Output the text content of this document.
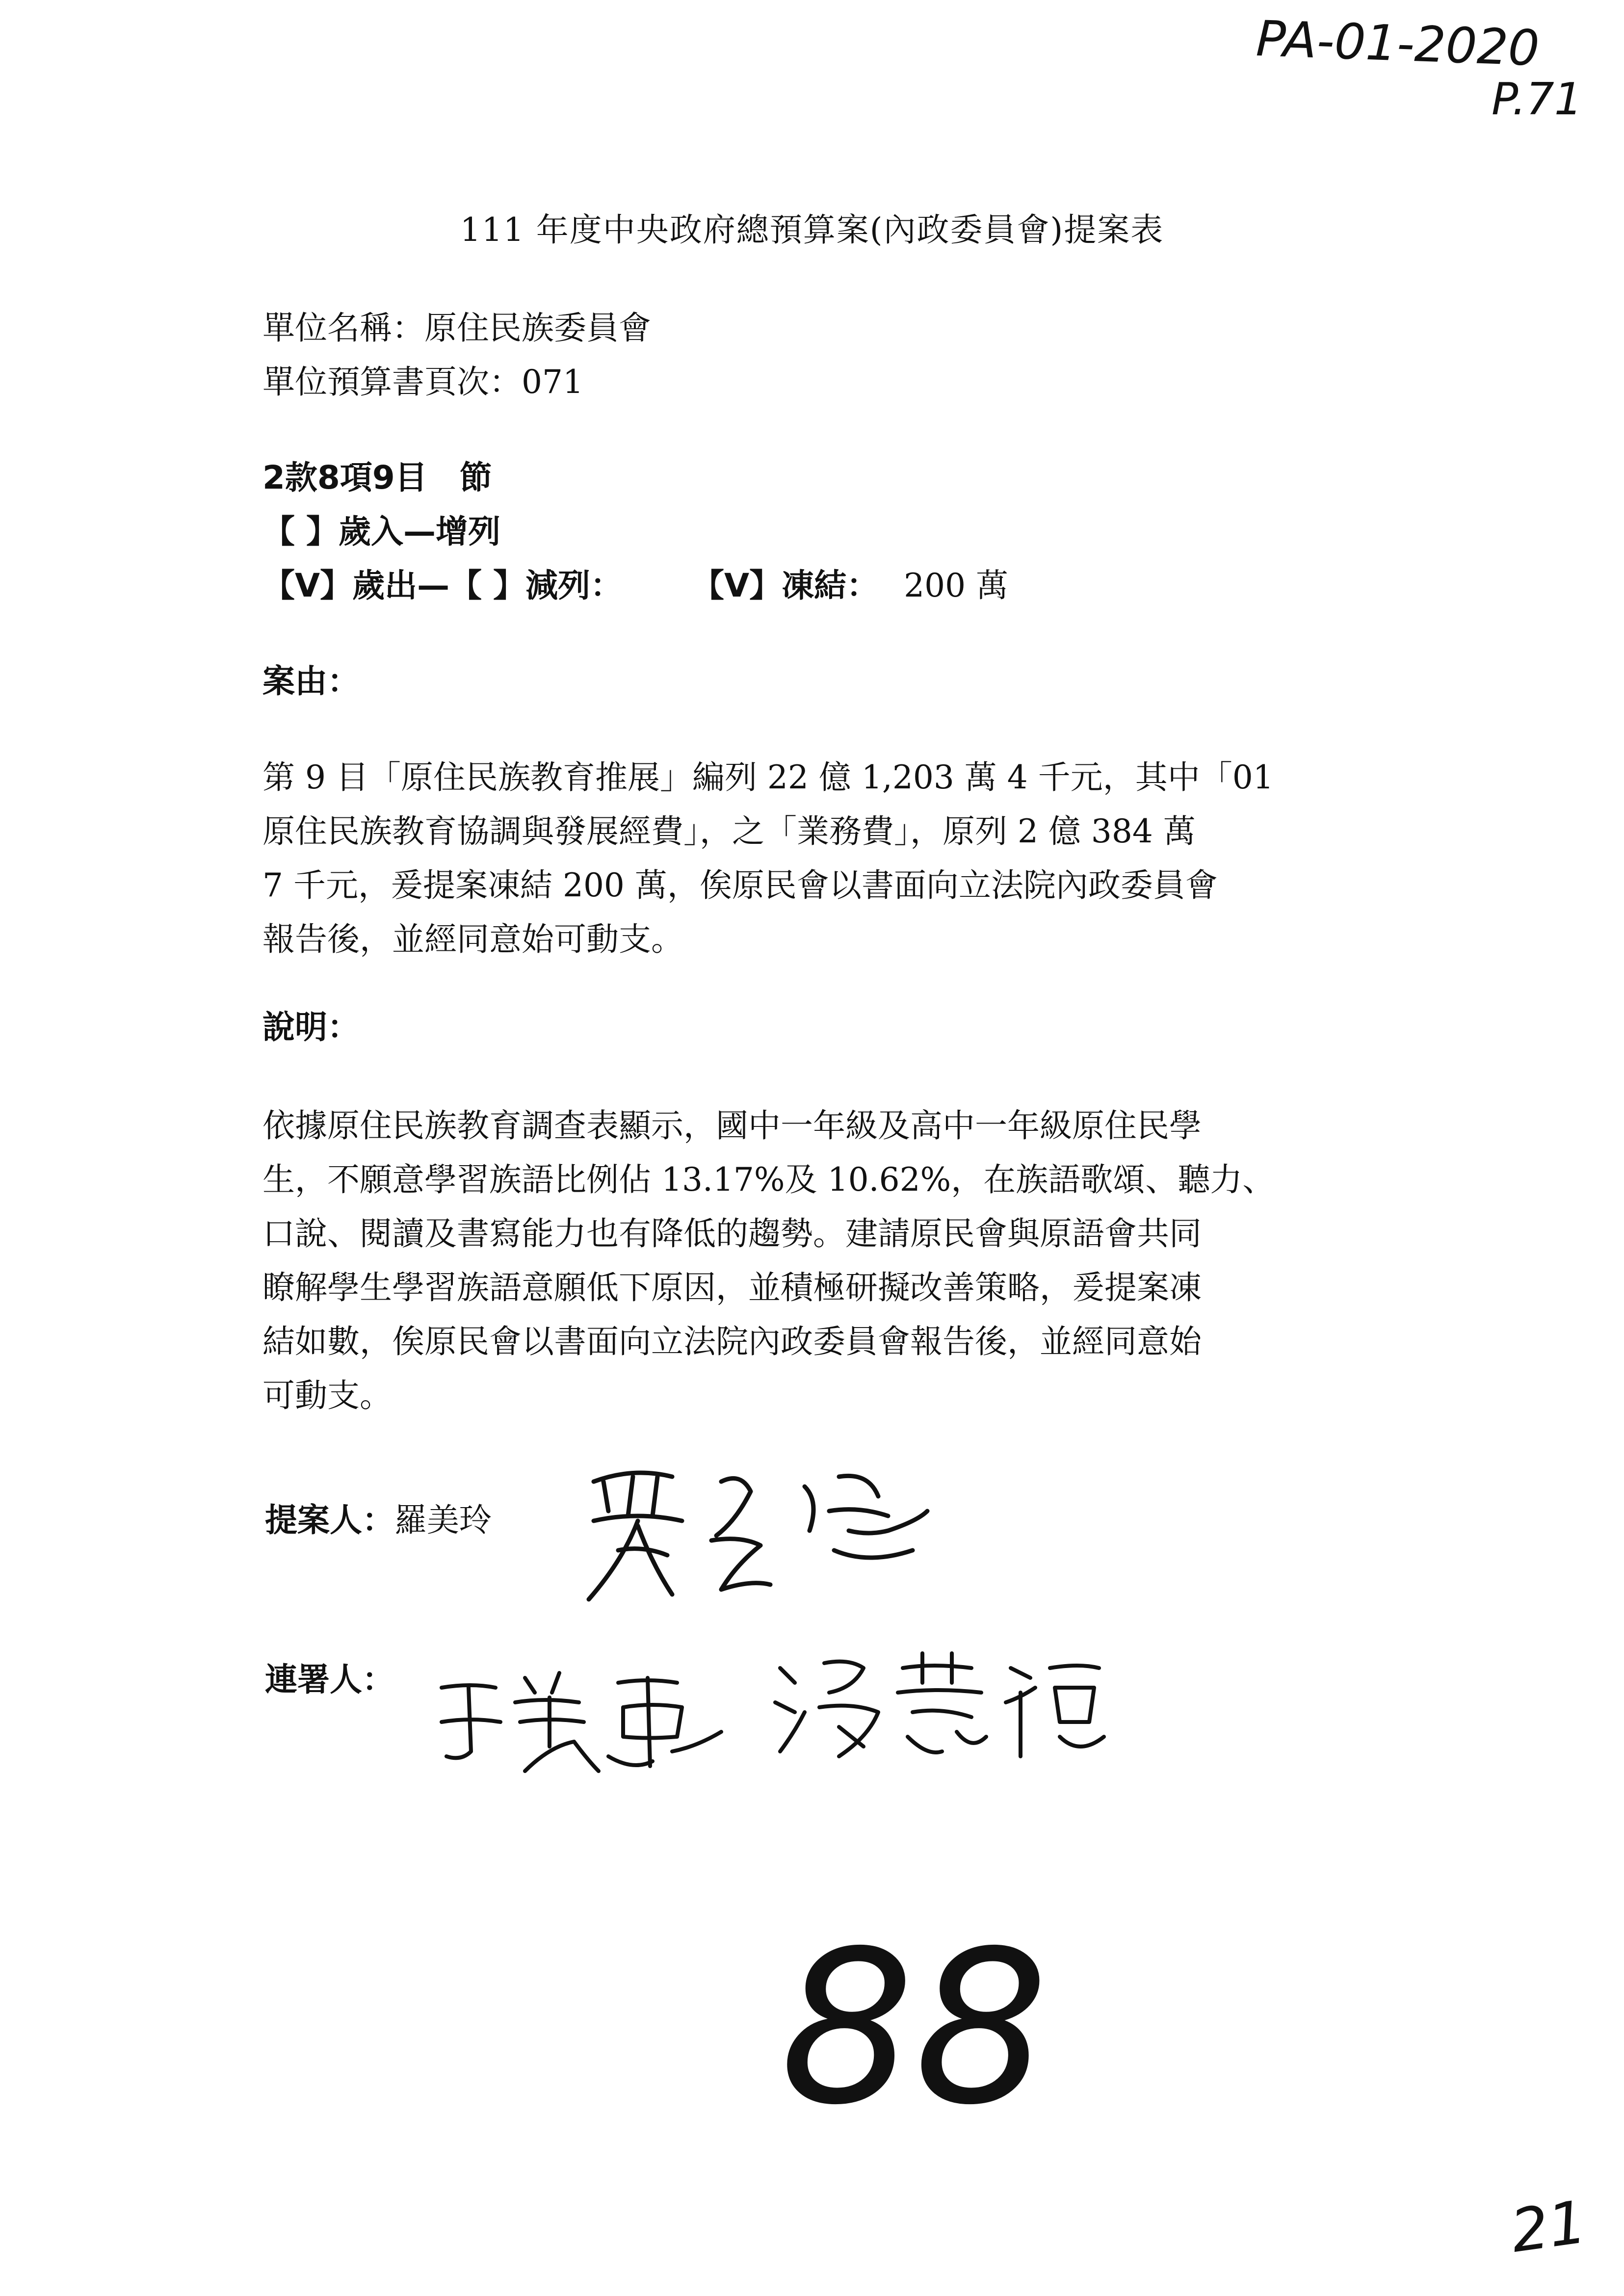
PA-01-2020
P.71
111 年度中央政府總預算案(內政委員會)提案表
單位名稱：原住民族委員會
單位預算書頁次：071
2款8項9目　節
【 】歲入—增列
【V】歲出—【 】減列： 【V】凍結： 200 萬
案由：
第 9 目「原住民族教育推展」編列 22 億 1,203 萬 4 千元，其中「01
原住民族教育協調與發展經費」，之「業務費」，原列 2 億 384 萬
7 千元，爰提案凍結 200 萬，俟原民會以書面向立法院內政委員會
報告後，並經同意始可動支。
說明：
依據原住民族教育調查表顯示，國中一年級及高中一年級原住民學
生，不願意學習族語比例佔 13.17%及 10.62%，在族語歌頌、聽力、
口說、閱讀及書寫能力也有降低的趨勢。建請原民會與原語會共同
瞭解學生學習族語意願低下原因，並積極研擬改善策略，爰提案凍
結如數，俟原民會以書面向立法院內政委員會報告後，並經同意始
可動支。
提案人：羅美玲
連署人：
88
21
